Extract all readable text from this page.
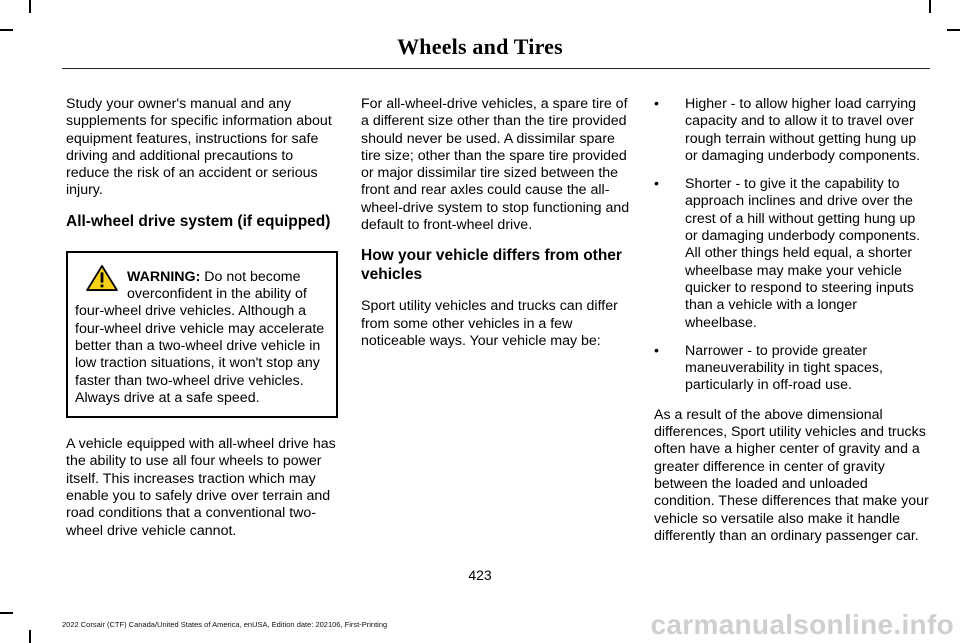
Wheels and Tires

Study your owner's manual and any supplements for specific information about equipment features, instructions for safe driving and additional precautions to reduce the risk of an accident or serious injury.

All-wheel drive system (if equipped)
WARNING: Do not become overconfident in the ability of four-wheel drive vehicles. Although a four-wheel drive vehicle may accelerate better than a two-wheel drive vehicle in low traction situations, it won't stop any faster than two-wheel drive vehicles. Always drive at a safe speed.

A vehicle equipped with all-wheel drive has the ability to use all four wheels to power itself. This increases traction which may enable you to safely drive over terrain and road conditions that a conventional two-wheel drive vehicle cannot.

For all-wheel-drive vehicles, a spare tire of a different size other than the tire provided should never be used. A dissimilar spare tire size; other than the spare tire provided or major dissimilar tire sized between the front and rear axles could cause the all-wheel-drive system to stop functioning and default to front-wheel drive.

How your vehicle differs from other vehicles

Sport utility vehicles and trucks can differ from some other vehicles in a few noticeable ways. Your vehicle may be:

• Higher - to allow higher load carrying capacity and to allow it to travel over rough terrain without getting hung up or damaging underbody components.
• Shorter - to give it the capability to approach inclines and drive over the crest of a hill without getting hung up or damaging underbody components. All other things held equal, a shorter wheelbase may make your vehicle quicker to respond to steering inputs than a vehicle with a longer wheelbase.
• Narrower - to provide greater maneuverability in tight spaces, particularly in off-road use.

As a result of the above dimensional differences, Sport utility vehicles and trucks often have a higher center of gravity and a greater difference in center of gravity between the loaded and unloaded condition. These differences that make your vehicle so versatile also make it handle differently than an ordinary passenger car.

423
2022 Corsair (CTF) Canada/United States of America, enUSA, Edition date: 202106, First-Printing	carmanualsonline.info
